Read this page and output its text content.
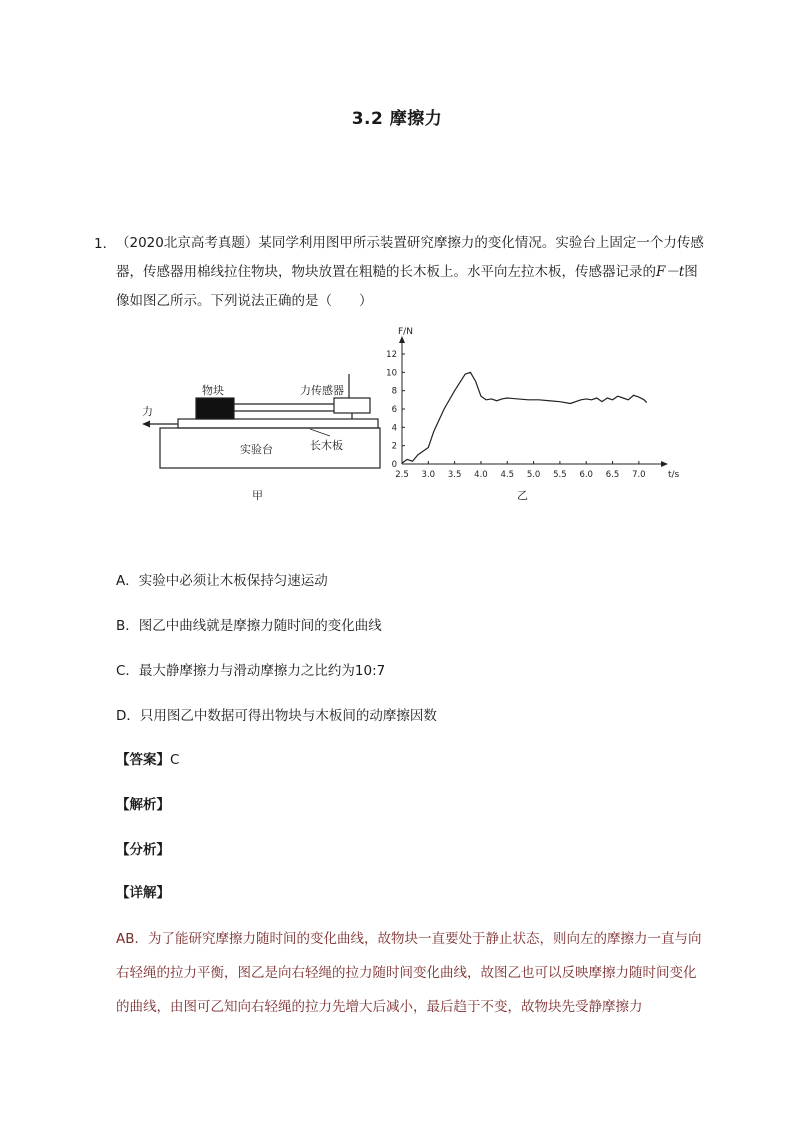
3.2 摩擦力
1． （2020北京高考真题）某同学利用图甲所示装置研究摩擦力的变化情况。实验台上固定一个力传感器，传感器用棉线拉住物块，物块放置在粗糙的长木板上。水平向左拉木板，传感器记录的F－t图像如图乙所示。下列说法正确的是（　　）

物块	力传感器
力
长木板
实验台
甲
F/N
t/s
0
2
4
6
8
10
12
2.5 3.0 3.5 4.0 4.5 5.0 5.5 6.0 6.5 7.0
乙
A．实验中必须让木板保持匀速运动
B．图乙中曲线就是摩擦力随时间的变化曲线
C．最大静摩擦力与滑动摩擦力之比约为10:7
D．只用图乙中数据可得出物块与木板间的动摩擦因数
【答案】C
【解析】
【分析】
【详解】

AB．为了能研究摩擦力随时间的变化曲线，故物块一直要处于静止状态，则向左的摩擦力一直与向右轻绳的拉力平衡，图乙是向右轻绳的拉力随时间变化曲线，故图乙也可以反映摩擦力随时间变化的曲线，由图可乙知向右轻绳的拉力先增大后减小，最后趋于不变，故物块先受静摩擦力
